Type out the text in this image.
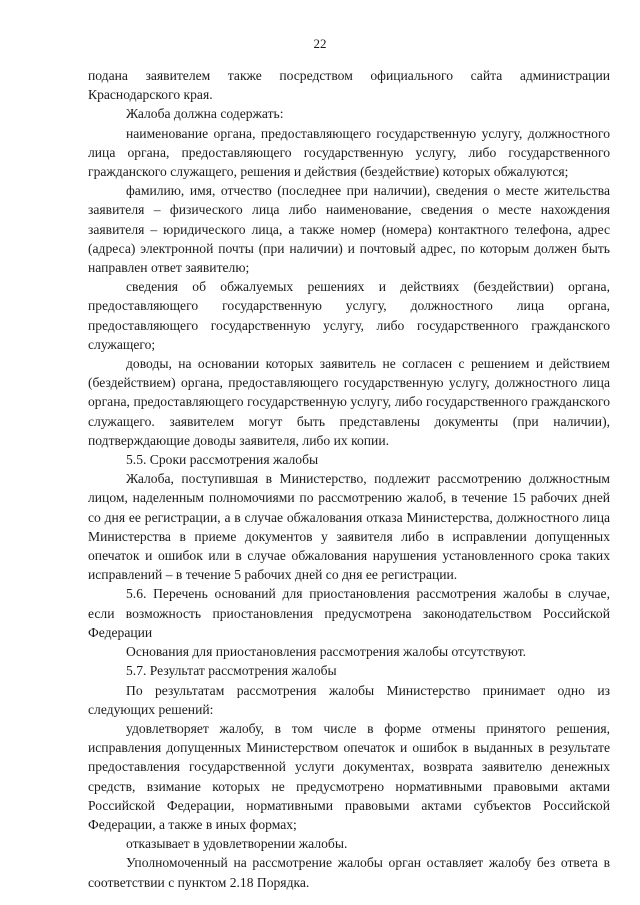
22

подана заявителем также посредством официального сайта администрации Краснодарского края.

Жалоба должна содержать:

наименование органа, предоставляющего государственную услугу, должностного лица органа, предоставляющего государственную услугу, либо государственного гражданского служащего, решения и действия (бездействие) которых обжалуются;

фамилию, имя, отчество (последнее при наличии), сведения о месте жительства заявителя – физического лица либо наименование, сведения о месте нахождения заявителя – юридического лица, а также номер (номера) контактного телефона, адрес (адреса) электронной почты (при наличии) и почтовый адрес, по которым должен быть направлен ответ заявителю;

сведения об обжалуемых решениях и действиях (бездействии) органа, предоставляющего государственную услугу, должностного лица органа, предоставляющего государственную услугу, либо государственного гражданского служащего;

доводы, на основании которых заявитель не согласен с решением и действием (бездействием) органа, предоставляющего государственную услугу, должностного лица органа, предоставляющего государственную услугу, либо государственного гражданского служащего. заявителем могут быть представлены документы (при наличии), подтверждающие доводы заявителя, либо их копии.

5.5. Сроки рассмотрения жалобы

Жалоба, поступившая в Министерство, подлежит рассмотрению должностным лицом, наделенным полномочиями по рассмотрению жалоб, в течение 15 рабочих дней со дня ее регистрации, а в случае обжалования отказа Министерства, должностного лица Министерства в приеме документов у заявителя либо в исправлении допущенных опечаток и ошибок или в случае обжалования нарушения установленного срока таких исправлений – в течение 5 рабочих дней со дня ее регистрации.

5.6. Перечень оснований для приостановления рассмотрения жалобы в случае, если возможность приостановления предусмотрена законодательством Российской Федерации

Основания для приостановления рассмотрения жалобы отсутствуют.

5.7. Результат рассмотрения жалобы

По результатам рассмотрения жалобы Министерство принимает одно из следующих решений:

удовлетворяет жалобу, в том числе в форме отмены принятого решения, исправления допущенных Министерством опечаток и ошибок в выданных в результате предоставления государственной услуги документах, возврата заявителю денежных средств, взимание которых не предусмотрено нормативными правовыми актами Российской Федерации, нормативными правовыми актами субъектов Российской Федерации, а также в иных формах;

отказывает в удовлетворении жалобы.

Уполномоченный на рассмотрение жалобы орган оставляет жалобу без ответа в соответствии с пунктом 2.18 Порядка.
